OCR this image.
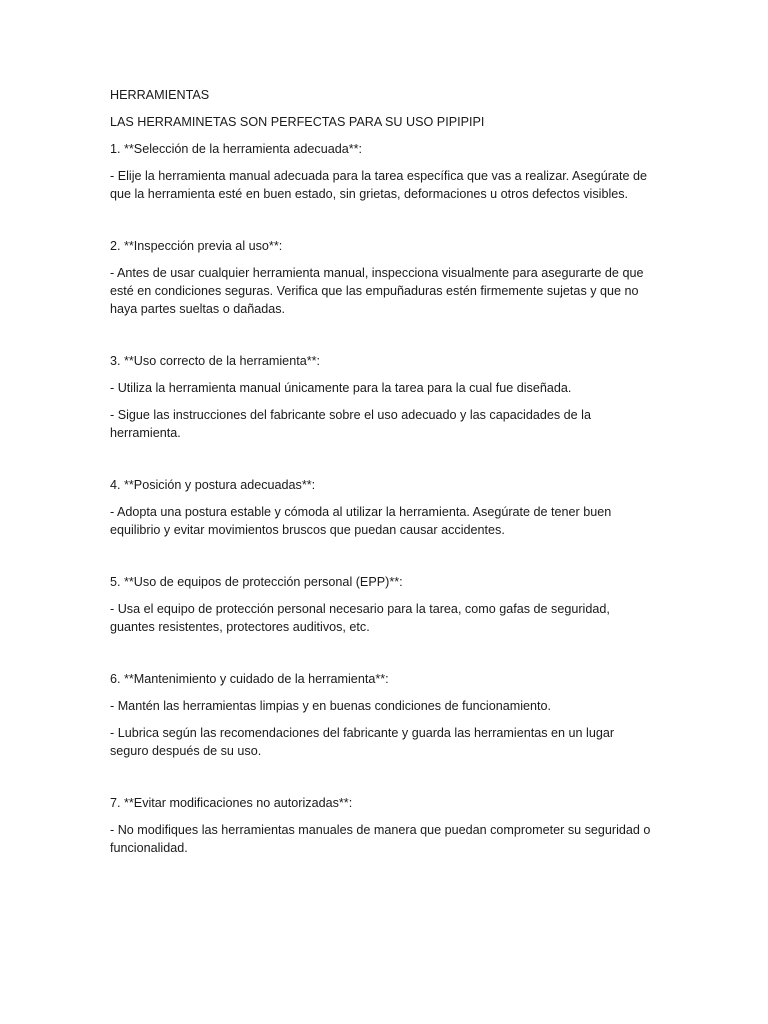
HERRAMIENTAS

LAS HERRAMINETAS SON PERFECTAS PARA SU USO PIPIPIPI

1. **Selección de la herramienta adecuada**:

- Elije la herramienta manual adecuada para la tarea específica que vas a realizar. Asegúrate de que la herramienta esté en buen estado, sin grietas, deformaciones u otros defectos visibles.

2. **Inspección previa al uso**:

- Antes de usar cualquier herramienta manual, inspecciona visualmente para asegurarte de que esté en condiciones seguras. Verifica que las empuñaduras estén firmemente sujetas y que no haya partes sueltas o dañadas.

3. **Uso correcto de la herramienta**:

- Utiliza la herramienta manual únicamente para la tarea para la cual fue diseñada.

- Sigue las instrucciones del fabricante sobre el uso adecuado y las capacidades de la herramienta.

4. **Posición y postura adecuadas**:

- Adopta una postura estable y cómoda al utilizar la herramienta. Asegúrate de tener buen equilibrio y evitar movimientos bruscos que puedan causar accidentes.

5. **Uso de equipos de protección personal (EPP)**:

- Usa el equipo de protección personal necesario para la tarea, como gafas de seguridad, guantes resistentes, protectores auditivos, etc.

6. **Mantenimiento y cuidado de la herramienta**:

- Mantén las herramientas limpias y en buenas condiciones de funcionamiento.

- Lubrica según las recomendaciones del fabricante y guarda las herramientas en un lugar seguro después de su uso.

7. **Evitar modificaciones no autorizadas**:

- No modifiques las herramientas manuales de manera que puedan comprometer su seguridad o funcionalidad.
